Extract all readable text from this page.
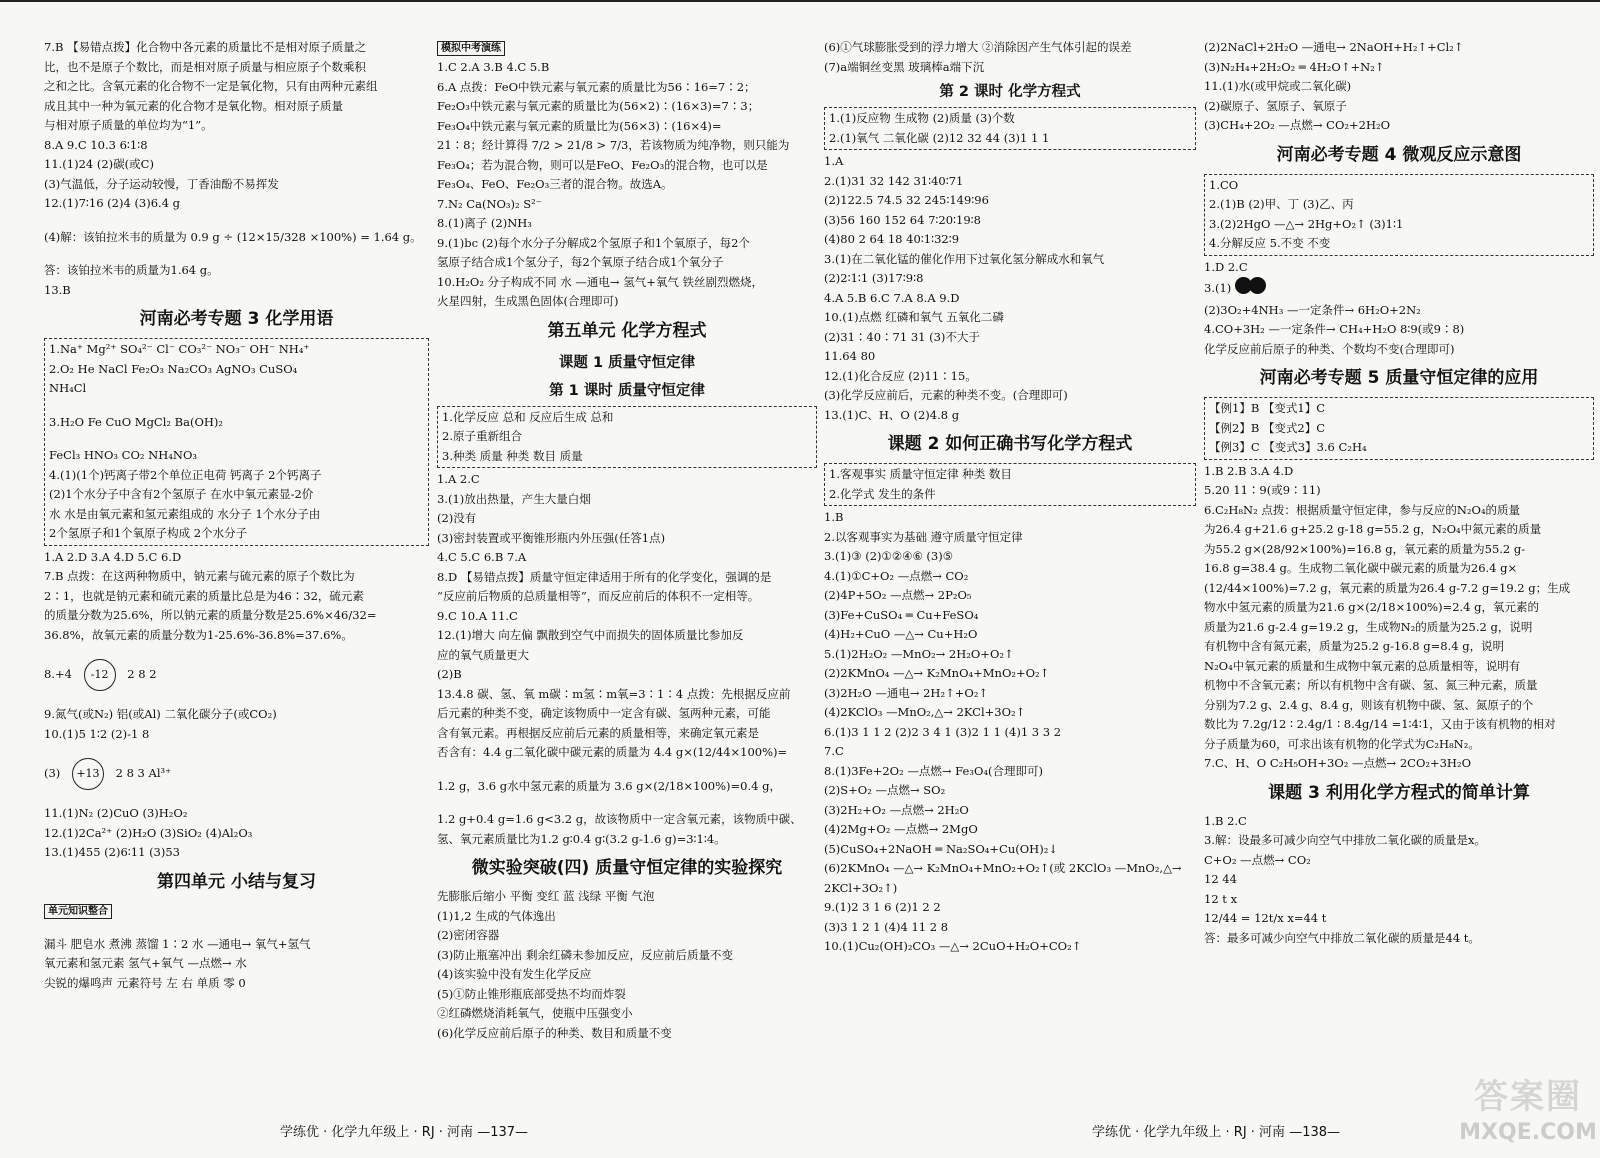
7.B 【易错点拨】化合物中各元素的质量比不是相对原子质量之
比，也不是原子个数比，而是相对原子质量与相应原子个数乘积
之和之比。含氧元素的化合物不一定是氧化物，只有由两种元素组
成且其中一种为氧元素的化合物才是氧化物。相对原子质量
与相对原子质量的单位均为“1”。
8.A 9.C 10.3 6∶1∶8
11.(1)24 (2)碳(或C)
(3)气温低，分子运动较慢，丁香油酚不易挥发
12.(1)7∶16 (2)4 (3)6.4 g
(4)解：该铂拉米韦的质量为 0.9 g ÷ (12×15/328 ×100%) = 1.64 g。
答：该铂拉米韦的质量为1.64 g。
13.B
河南必考专题 3 化学用语
1.Na⁺ Mg²⁺ SO₄²⁻ Cl⁻ CO₃²⁻ NO₃⁻ OH⁻ NH₄⁺
2.O₂ He NaCl Fe₂O₃ Na₂CO₃ AgNO₃ CuSO₄
NH₄Cl
3.H₂O Fe CuO MgCl₂ Ba(OH)₂
FeCl₃ HNO₃ CO₂ NH₄NO₃
4.(1)(1个)钙离子带2个单位正电荷 钙离子 2个钙离子
(2)1个水分子中含有2个氢原子 在水中氧元素显-2价
水 水是由氧元素和氢元素组成的 水分子 1个水分子由
2个氢原子和1个氧原子构成 2个水分子
1.A 2.D 3.A 4.D 5.C 6.D
7.B 点拨：在这两种物质中，钠元素与硫元素的原子个数比为
2∶1，也就是钠元素和硫元素的质量比总是为46∶32，硫元素
的质量分数为25.6%，所以钠元素的质量分数是25.6%×46/32=
36.8%，故氧元素的质量分数为1-25.6%-36.8%=37.6%。
8.+4 -12 2 8 2
9.氮气(或N₂) 铝(或Al) 二氧化碳分子(或CO₂)
10.(1)5 1∶2 (2)-1 8
(3) +13 2 8 3 Al³⁺
11.(1)N₂ (2)CuO (3)H₂O₂
12.(1)2Ca²⁺ (2)H₂O (3)SiO₂ (4)Al₂O₃
13.(1)455 (2)6∶11 (3)53
第四单元 小结与复习
单元知识整合
漏斗 肥皂水 煮沸 蒸馏 1∶2 水 —通电→ 氧气+氢气
氧元素和氢元素 氢气+氧气 —点燃→ 水
尖锐的爆鸣声 元素符号 左 右 单质 零 0
模拟中考演练
1.C 2.A 3.B 4.C 5.B
6.A 点拨：FeO中铁元素与氧元素的质量比为56∶16=7∶2；
Fe₂O₃中铁元素与氧元素的质量比为(56×2)∶(16×3)=7∶3；
Fe₃O₄中铁元素与氧元素的质量比为(56×3)∶(16×4)=
21∶8；经计算得 7/2 > 21/8 > 7/3，若该物质为纯净物，则只能为
Fe₃O₄；若为混合物，则可以是FeO、Fe₂O₃的混合物，也可以是
Fe₃O₄、FeO、Fe₂O₃三者的混合物。故选A。
7.N₂ Ca(NO₃)₂ S²⁻
8.(1)离子 (2)NH₃
9.(1)bc (2)每个水分子分解成2个氢原子和1个氧原子，每2个
氢原子结合成1个氢分子，每2个氧原子结合成1个氧分子
10.H₂O₂ 分子构成不同 水 —通电→ 氢气+氧气 铁丝剧烈燃烧，
火星四射，生成黑色固体(合理即可)
第五单元 化学方程式
课题 1 质量守恒定律
第 1 课时 质量守恒定律
1.化学反应 总和 反应后生成 总和
2.原子重新组合
3.种类 质量 种类 数目 质量
1.A 2.C
3.(1)放出热量，产生大量白烟
(2)没有
(3)密封装置或平衡锥形瓶内外压强(任答1点)
4.C 5.C 6.B 7.A
8.D 【易错点拨】质量守恒定律适用于所有的化学变化，强调的是
“反应前后物质的总质量相等”，而反应前后的体积不一定相等。
9.C 10.A 11.C
12.(1)增大 向左偏 飘散到空气中而损失的固体质量比参加反
应的氧气质量更大
(2)B
13.4.8 碳、氢、氧 m碳∶m氢∶m氧=3∶1∶4 点拨：先根据反应前
后元素的种类不变，确定该物质中一定含有碳、氢两种元素，可能
含有氧元素。再根据反应前后元素的质量相等，来确定氧元素是
否含有：4.4 g二氧化碳中碳元素的质量为 4.4 g×(12/44×100%)=
1.2 g，3.6 g水中氢元素的质量为 3.6 g×(2/18×100%)=0.4 g，
1.2 g+0.4 g=1.6 g<3.2 g，故该物质中一定含氧元素，该物质中碳、
氢、氧元素质量比为1.2 g∶0.4 g∶(3.2 g-1.6 g)=3∶1∶4。
微实验突破(四) 质量守恒定律的实验探究
先膨胀后缩小 平衡 变红 蓝 浅绿 平衡 气泡
(1)1,2 生成的气体逸出
(2)密闭容器
(3)防止瓶塞冲出 剩余红磷未参加反应，反应前后质量不变
(4)该实验中没有发生化学反应
(5)①防止锥形瓶底部受热不均而炸裂
②红磷燃烧消耗氧气，使瓶中压强变小
(6)化学反应前后原子的种类、数目和质量不变
(6)①气球膨胀受到的浮力增大 ②消除因产生气体引起的误差
(7)a端铜丝变黑 玻璃棒a端下沉
第 2 课时 化学方程式
1.(1)反应物 生成物 (2)质量 (3)个数
2.(1)氧气 二氧化碳 (2)12 32 44 (3)1 1 1
1.A
2.(1)31 32 142 31∶40∶71
(2)122.5 74.5 32 245∶149∶96
(3)56 160 152 64 7∶20∶19∶8
(4)80 2 64 18 40∶1∶32∶9
3.(1)在二氧化锰的催化作用下过氧化氢分解成水和氧气
(2)2∶1∶1 (3)17∶9∶8
4.A 5.B 6.C 7.A 8.A 9.D
10.(1)点燃 红磷和氧气 五氧化二磷
(2)31∶40∶71 31 (3)不大于
11.64 80
12.(1)化合反应 (2)11∶15。
(3)化学反应前后，元素的种类不变。(合理即可)
13.(1)C、H、O (2)4.8 g
课题 2 如何正确书写化学方程式
1.客观事实 质量守恒定律 种类 数目
2.化学式 发生的条件
1.B
2.以客观事实为基础 遵守质量守恒定律
3.(1)③ (2)①②④⑥ (3)⑤
4.(1)①C+O₂ —点燃→ CO₂
(2)4P+5O₂ —点燃→ 2P₂O₅
(3)Fe+CuSO₄ ═ Cu+FeSO₄
(4)H₂+CuO —△→ Cu+H₂O
5.(1)2H₂O₂ —MnO₂→ 2H₂O+O₂↑
(2)2KMnO₄ —△→ K₂MnO₄+MnO₂+O₂↑
(3)2H₂O —通电→ 2H₂↑+O₂↑
(4)2KClO₃ —MnO₂,△→ 2KCl+3O₂↑
6.(1)3 1 1 2 (2)2 3 4 1 (3)2 1 1 (4)1 3 3 2
7.C
8.(1)3Fe+2O₂ —点燃→ Fe₃O₄(合理即可)
(2)S+O₂ —点燃→ SO₂
(3)2H₂+O₂ —点燃→ 2H₂O
(4)2Mg+O₂ —点燃→ 2MgO
(5)CuSO₄+2NaOH ═ Na₂SO₄+Cu(OH)₂↓
(6)2KMnO₄ —△→ K₂MnO₄+MnO₂+O₂↑(或 2KClO₃ —MnO₂,△→
2KCl+3O₂↑)
9.(1)2 3 1 6 (2)1 2 2
(3)3 1 2 1 (4)4 11 2 8
10.(1)Cu₂(OH)₂CO₃ —△→ 2CuO+H₂O+CO₂↑
(2)2NaCl+2H₂O —通电→ 2NaOH+H₂↑+Cl₂↑
(3)N₂H₄+2H₂O₂ ═ 4H₂O↑+N₂↑
11.(1)水(或甲烷或二氧化碳)
(2)碳原子、氢原子、氧原子
(3)CH₄+2O₂ —点燃→ CO₂+2H₂O
河南必考专题 4 微观反应示意图
1.CO
2.(1)B (2)甲、丁 (3)乙、丙
3.(2)2HgO —△→ 2Hg+O₂↑ (3)1∶1
4.分解反应 5.不变 不变
1.D 2.C
3.(1)
(2)3O₂+4NH₃ —一定条件→ 6H₂O+2N₂
4.CO+3H₂ —一定条件→ CH₄+H₂O 8∶9(或9∶8)
化学反应前后原子的种类、个数均不变(合理即可)
河南必考专题 5 质量守恒定律的应用
【例1】B 【变式1】C
【例2】B 【变式2】C
【例3】C 【变式3】3.6 C₂H₄
1.B 2.B 3.A 4.D
5.20 11∶9(或9∶11)
6.C₂H₈N₂ 点拨：根据质量守恒定律，参与反应的N₂O₄的质量
为26.4 g+21.6 g+25.2 g-18 g=55.2 g，N₂O₄中氮元素的质量
为55.2 g×(28/92×100%)=16.8 g，氧元素的质量为55.2 g-
16.8 g=38.4 g。生成物二氧化碳中碳元素的质量为26.4 g×
(12/44×100%)=7.2 g，氧元素的质量为26.4 g-7.2 g=19.2 g；生成
物水中氢元素的质量为21.6 g×(2/18×100%)=2.4 g，氧元素的
质量为21.6 g-2.4 g=19.2 g，生成物N₂的质量为25.2 g，说明
有机物中含有氮元素，质量为25.2 g-16.8 g=8.4 g，说明
N₂O₄中氧元素的质量和生成物中氧元素的总质量相等，说明有
机物中不含氧元素；所以有机物中含有碳、氢、氮三种元素，质量
分别为7.2 g、2.4 g、8.4 g，则该有机物中碳、氢、氮原子的个
数比为 7.2g/12 ∶ 2.4g/1 ∶ 8.4g/14 =1∶4∶1，又由于该有机物的相对
分子质量为60，可求出该有机物的化学式为C₂H₈N₂。
7.C、H、O C₂H₅OH+3O₂ —点燃→ 2CO₂+3H₂O
课题 3 利用化学方程式的简单计算
1.B 2.C
3.解：设最多可减少向空气中排放二氧化碳的质量是x。
C+O₂ —点燃→ CO₂
12 44
12 t x
12/44 = 12t/x x=44 t
答：最多可减少向空气中排放二氧化碳的质量是44 t。
学练优 · 化学九年级上 · RJ · 河南 —137—	学练优 · 化学九年级上 · RJ · 河南 —138—
答案圈
MXQE.COM
